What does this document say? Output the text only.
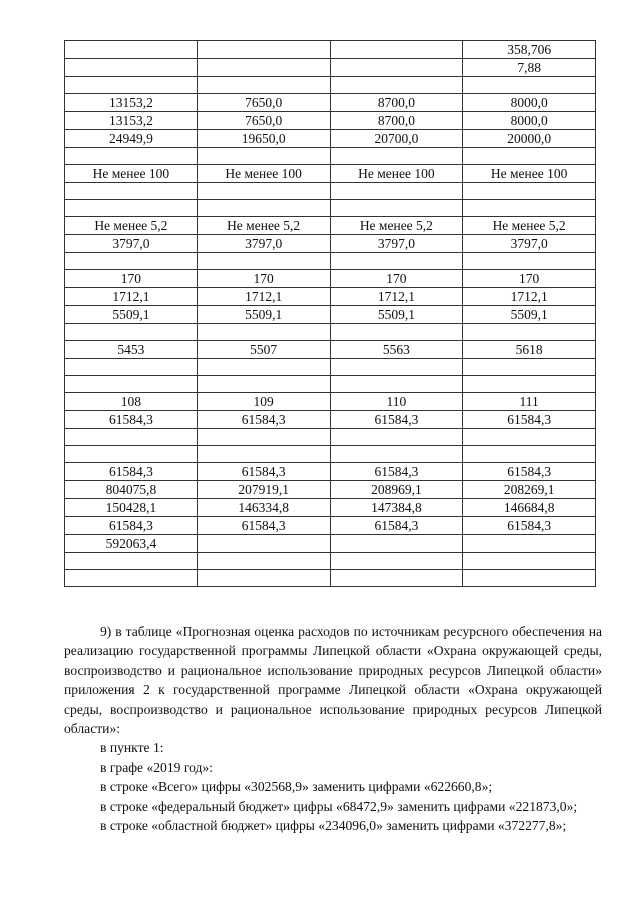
			358,706
			7,88

13153,2	7650,0	8700,0	8000,0
13153,2	7650,0	8700,0	8000,0
24949,9	19650,0	20700,0	20000,0

Не менее 100	Не менее 100	Не менее 100	Не менее 100

Не менее 5,2	Не менее 5,2	Не менее 5,2	Не менее 5,2
3797,0	3797,0	3797,0	3797,0

170	170	170	170
1712,1	1712,1	1712,1	1712,1
5509,1	5509,1	5509,1	5509,1

5453	5507	5563	5618

108	109	110	111
61584,3	61584,3	61584,3	61584,3

61584,3	61584,3	61584,3	61584,3
804075,8	207919,1	208969,1	208269,1
150428,1	146334,8	147384,8	146684,8
61584,3	61584,3	61584,3	61584,3
592063,4			

9) в таблице «Прогнозная оценка расходов по источникам ресурсного обеспечения на реализацию государственной программы Липецкой области «Охрана окружающей среды, воспроизводство и рациональное использование природных ресурсов Липецкой области» приложения 2 к государственной программе Липецкой области «Охрана окружающей среды, воспроизводство и рациональное использование природных ресурсов Липецкой области»:

в пункте 1:

в графе «2019 год»:

в строке «Всего» цифры «302568,9» заменить цифрами «622660,8»;

в строке «федеральный бюджет» цифры «68472,9» заменить цифрами «221873,0»;

в строке «областной бюджет» цифры «234096,0» заменить цифрами «372277,8»;
